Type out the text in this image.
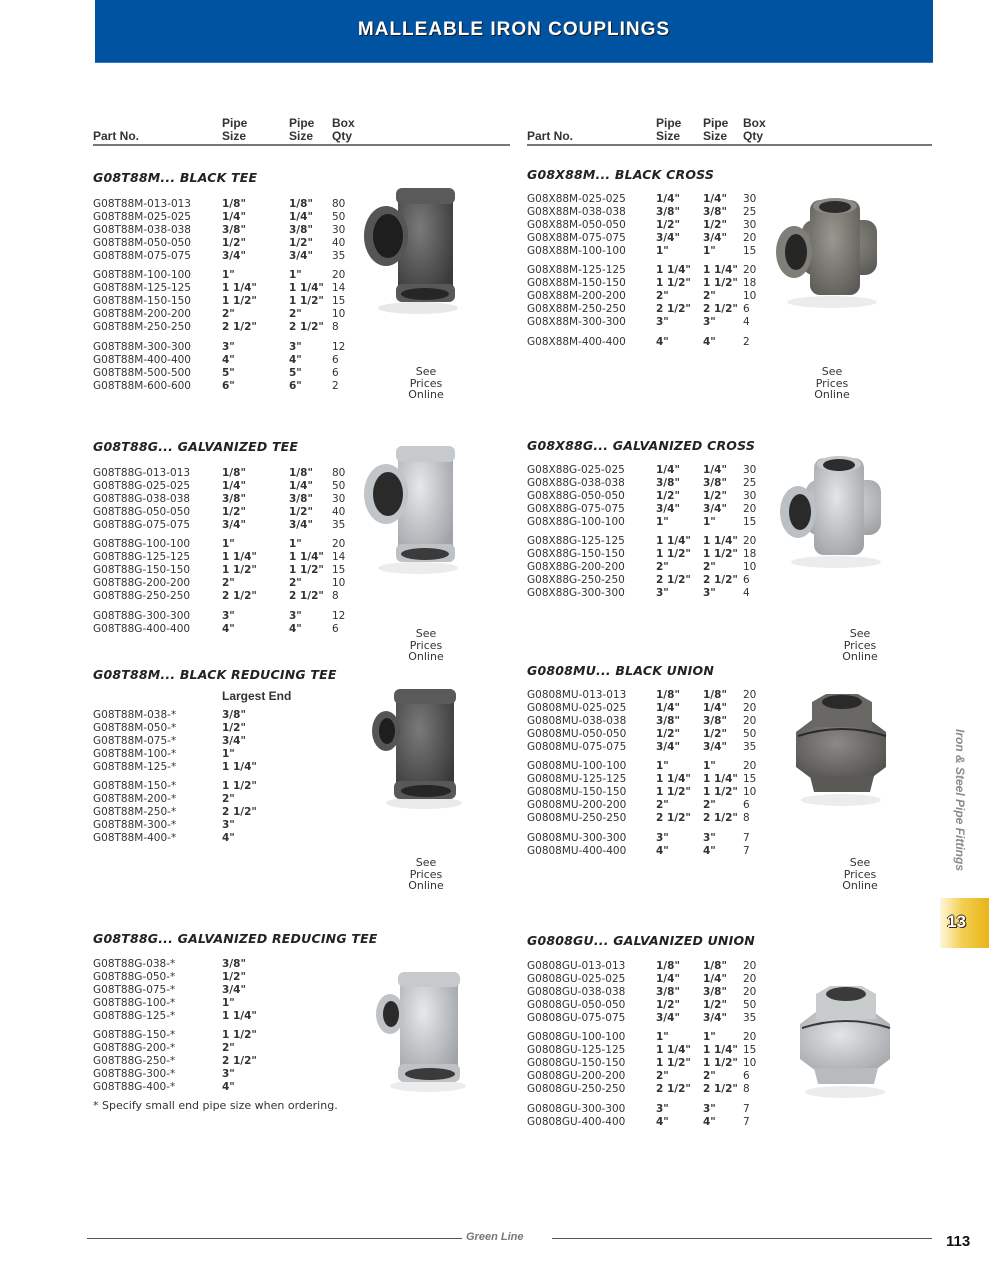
MALLEABLE IRON COUPLINGS
Part No.
Pipe
Size
Pipe
Size
Box
Qty	Part No.
Pipe
Size
Pipe
Size
Box
Qty
G08T88M... BLACK TEE
G08T88M-013-013	1/8"	1/8" 80
G08T88M-025-025	1/4"	1/4" 50
G08T88M-038-038	3/8"	3/8" 30
G08T88M-050-050	1/2"	1/2" 40
G08T88M-075-075	3/4"	3/4" 35
G08T88M-100-100	1"	1"	20
G08T88M-125-125	1 1/4"	1 1/4" 14
G08T88M-150-150	1 1/2"	1 1/2" 15
G08T88M-200-200	2"	2"	10
G08T88M-250-250	2 1/2"	2 1/2" 8
G08T88M-300-300	3"	3"	12
G08T88M-400-400	4"	4"	6
G08T88M-500-500	5"	5"	6
G08T88M-600-600	6"	6"	2
See
Prices
Online
G08X88M... BLACK CROSS
G08X88M-025-025	1/4" 1/4" 30
G08X88M-038-038	3/8" 3/8" 25
G08X88M-050-050	1/2" 1/2" 30
G08X88M-075-075	3/4" 3/4" 20
G08X88M-100-100	1"	1"	15
G08X88M-125-125	1 1/4" 1 1/4" 20
G08X88M-150-150	1 1/2" 1 1/2" 18
G08X88M-200-200	2"	2"	10
G08X88M-250-250	2 1/2" 2 1/2" 6
G08X88M-300-300	3"	3"	4
G08X88M-400-400	4"	4"	2
See
Prices
Online
G08T88G... GALVANIZED TEE
G08T88G-013-013	1/8"	1/8" 80
G08T88G-025-025	1/4"	1/4" 50
G08T88G-038-038	3/8"	3/8" 30
G08T88G-050-050	1/2"	1/2" 40
G08T88G-075-075	3/4"	3/4" 35
G08T88G-100-100	1"	1"	20
G08T88G-125-125	1 1/4"	1 1/4" 14
G08T88G-150-150	1 1/2"	1 1/2" 15
G08T88G-200-200	2"	2"	10
G08T88G-250-250	2 1/2"	2 1/2" 8
G08T88G-300-300	3"	3"	12
G08T88G-400-400	4"	4"	6	See
Prices
Online
G08X88G... GALVANIZED CROSS
G08X88G-025-025	1/4" 1/4" 30
G08X88G-038-038	3/8" 3/8" 25
G08X88G-050-050	1/2" 1/2" 30
G08X88G-075-075	3/4" 3/4" 20
G08X88G-100-100	1"	1"	15
G08X88G-125-125	1 1/4" 1 1/4" 20
G08X88G-150-150	1 1/2" 1 1/2" 18
G08X88G-200-200	2"	2"	10
G08X88G-250-250	2 1/2" 2 1/2" 6
G08X88G-300-300	3"	3"	4
See
Prices
Online
G08T88M... BLACK REDUCING TEE
Largest End
G08T88M-038-*	3/8"
G08T88M-050-*	1/2"
G08T88M-075-*	3/4"
G08T88M-100-*	1"
G08T88M-125-*	1 1/4"
G08T88M-150-*	1 1/2"
G08T88M-200-*	2"
G08T88M-250-*	2 1/2"
G08T88M-300-*	3"
G08T88M-400-*	4"
See
Prices
Online
G0808MU... BLACK UNION
G0808MU-013-013	1/8" 1/8" 20
G0808MU-025-025	1/4" 1/4" 20
G0808MU-038-038	3/8" 3/8" 20
G0808MU-050-050	1/2" 1/2" 50
G0808MU-075-075	3/4" 3/4" 35
G0808MU-100-100	1"	1"	20
G0808MU-125-125	1 1/4" 1 1/4" 15
G0808MU-150-150	1 1/2" 1 1/2" 10
G0808MU-200-200	2"	2"	6
G0808MU-250-250	2 1/2" 2 1/2" 8
G0808MU-300-300	3"	3"	7
G0808MU-400-400	4"	4"	7
See
Prices
Online
G08T88G... GALVANIZED REDUCING TEE
G08T88G-038-*	3/8"
G08T88G-050-*	1/2"
G08T88G-075-*	3/4"
G08T88G-100-*	1"
G08T88G-125-*	1 1/4"
G08T88G-150-*	1 1/2"
G08T88G-200-*	2"
G08T88G-250-*	2 1/2"
G08T88G-300-*	3"
G08T88G-400-*	4"
* Specify small end pipe size when ordering.
G0808GU... GALVANIZED UNION
G0808GU-013-013	1/8" 1/8" 20
G0808GU-025-025	1/4" 1/4" 20
G0808GU-038-038	3/8" 3/8" 20
G0808GU-050-050	1/2" 1/2" 50
G0808GU-075-075	3/4" 3/4" 35
G0808GU-100-100	1"	1"	20
G0808GU-125-125	1 1/4" 1 1/4" 15
G0808GU-150-150	1 1/2" 1 1/2" 10
G0808GU-200-200	2"	2"	6
G0808GU-250-250	2 1/2" 2 1/2" 8
G0808GU-300-300	3"	3"	7
G0808GU-400-400	4"	4"	7
Iron & Steel Pipe Fittings
13
Green Line	113
